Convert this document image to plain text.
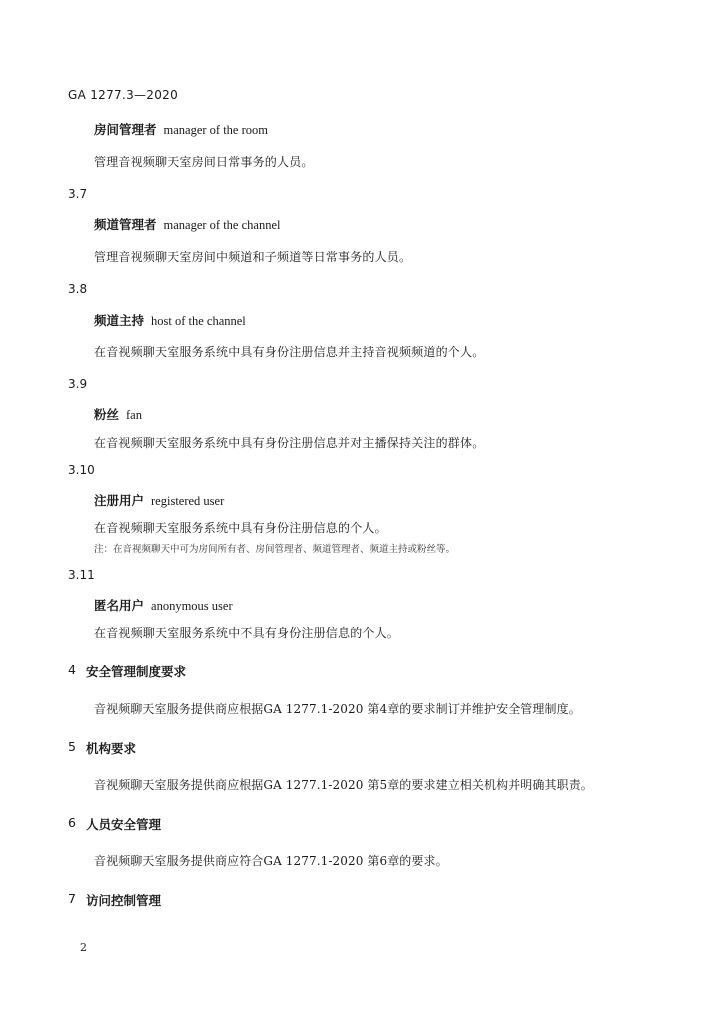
GA 1277.3—2020
房间管理者 manager of the room
管理音视频聊天室房间日常事务的人员。
3.7
频道管理者 manager of the channel
管理音视频聊天室房间中频道和子频道等日常事务的人员。
3.8
频道主持 host of the channel
在音视频聊天室服务系统中具有身份注册信息并主持音视频频道的个人。
3.9
粉丝 fan
在音视频聊天室服务系统中具有身份注册信息并对主播保持关注的群体。
3.10
注册用户 registered user
在音视频聊天室服务系统中具有身份注册信息的个人。
注：在音视频聊天中可为房间所有者、房间管理者、频道管理者、频道主持或粉丝等。
3.11
匿名用户 anonymous user
在音视频聊天室服务系统中不具有身份注册信息的个人。
4 安全管理制度要求
音视频聊天室服务提供商应根据GA 1277.1-2020 第4章的要求制订并维护安全管理制度。
5 机构要求
音视频聊天室服务提供商应根据GA 1277.1-2020 第5章的要求建立相关机构并明确其职责。
6 人员安全管理
音视频聊天室服务提供商应符合GA 1277.1-2020 第6章的要求。
7 访问控制管理
2
